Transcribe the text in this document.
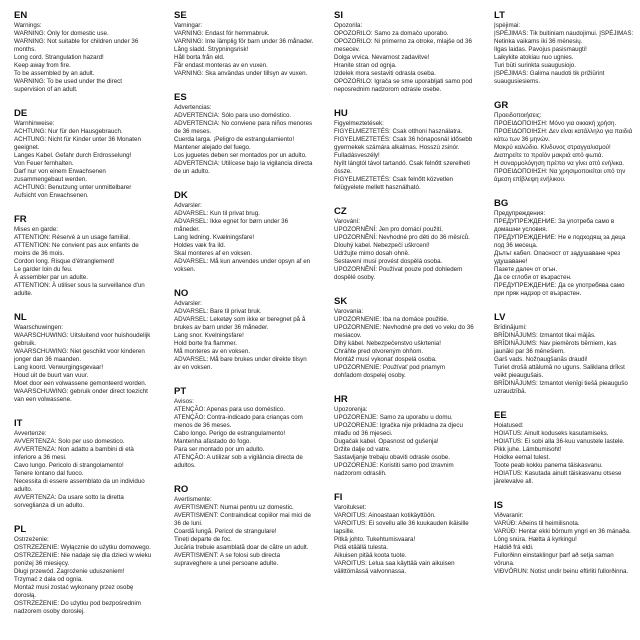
EN
Warnings:
WARNING: Only for domestic use.
WARNING: Not suitable for children under 36 months.
Long cord. Strangulation hazard!
Keep away from fire.
To be assembled by an adult.
WARNING: To be used under the direct supervision of an adult.
DE
Warnhinweise:
ACHTUNG: Nur für den Hausgebrauch.
ACHTUNG: Nicht für Kinder unter 36 Monaten geeignet.
Langes Kabel. Gefahr durch Erdrosselung!
Von Feuer fernhalten.
Darf nur von einem Erwachsenen zusammengebaut werden.
ACHTUNG: Benutzung unter unmittelbarer Aufsicht von Erwachsenen.
FR
Mises en garde:
ATTENTION: Réservé à un usage familial.
ATTENTION: Ne convient pas aux enfants de moins de 36 mois.
Cordon long. Risque d'étranglement!
Le garder loin du feu.
À assembler par un adulte.
ATTENTION: À utiliser sous la surveillance d'un adulte.
NL
Waarschuwingen:
WAARSCHUWING: Uitsluitend voor huishoudelijk gebruik.
WAARSCHUWING: Niet geschikt voor kinderen jonger dan 36 maanden.
Lang koord. Verwurgingsgevaar!
Houd uit de buurt van vuur.
Moet door een volwassene gemonteerd worden.
WAARSCHUWING: gebruik onder direct toezicht van een volwassene.
IT
Avvertenze:
AVVERTENZA: Solo per uso domestico.
AVVERTENZA: Non adatto a bambini di età inferiore a 36 mesi.
Cavo lungo. Pericolo di strangolamento!
Tenere lontano dal fuoco.
Necessita di essere assemblato da un individuo adulto.
AVVERTENZA: Da usare sotto la diretta sorveglianza di un adulto.
PL
Ostrzeżenie:
OSTRZEŻENIE: Wyłącznie do użytku domowego.
OSTRZEŻENIE: Nie nadaje się dla dzieci w wieku poniżej 36 miesięcy.
Długi przewód. Zagrożenie uduszeniem!
Trzymać z dala od ognia.
Montaż musi zostać wykonany przez osobę dorosłą.
OSTRZEŻENIE: Do użytku pod bezpośrednim nadzorem osoby dorosłej.
SE
Varningar:
VARNING: Endast för hemmabruk.
VARNING: Inte lämplig för barn under 36 månader.
Lång sladd. Strypningsrisk!
Håll borta från eld.
Får endast monteras av en vuxen.
VARNING: Ska användas under tillsyn av vuxen.
ES
Advertencias:
ADVERTENCIA: Sólo para uso doméstico.
ADVERTENCIA: No conviene para niños menores de 36 meses.
Cuerda larga. ¡Peligro de estrangulamiento!
Mantener alejado del fuego.
Los juguetes deben ser montados por un adulto.
ADVERTENCIA: Utilícese bajo la vigilancia directa de un adulto.
DK
Advarsler:
ADVARSEL: Kun til privat brug.
ADVARSEL: Ikke egnet for børn under 36 måneder.
Lang ledning. Kvælningsfare!
Holdes væk fra ild.
Skal monteres af en voksen.
ADVARSEL: Må kun anvendes under opsyn af en voksen.
NO
Advarsler:
ADVARSEL: Bare til privat bruk.
ADVARSEL: Leketøy som ikke er beregnet på å brukes av barn under 36 måneder.
Lang snor. Kvelningsfare!
Hold borte fra flammer.
Må monteres av en voksen.
ADVARSEL: Må bare brukes under direkte tilsyn av en voksen.
PT
Avisos:
ATENÇÃO: Apenas para uso doméstico.
ATENÇÃO: Contra-indicado para crianças com menos de 36 meses.
Cabo longo. Perigo de estrangulamento!
Mantenha afastado do fogo.
Para ser montado por um adulto.
ATENÇÃO: A utilizar sob a vigilância directa de adultos.
RO
Avertismente:
AVERTISMENT: Numai pentru uz domestic.
AVERTISMENT: Contraindicat copiilor mai mici de 36 de luni.
Coardă lungă. Pericol de strangulare!
Tineți departe de foc.
Jucăria trebuie asamblată doar de către un adult.
AVERTISMENT: A se folosi sub directa supraveghere a unei persoane adulte.
SI
Opozorila:
OPOZORILO: Samo za domačo uporabo.
OPOZORILO: Ni primerno za otroke, mlajše od 36 mesecev.
Dolga vrvica. Nevarnost zadavitve!
Hranite stran od ognja.
Izdelek mora sestaviti odrasla oseba.
OPOZORILO: Igrača se sme uporabljati samo pod neposrednim nadzorom odrasle osebe.
HU
Figyelmeztetések:
FIGYELMEZTETÉS: Csak otthoni használatra.
FIGYELMEZTETÉS: Csak 36 hónaposnál idősebb gyermekek számára alkalmas. Hosszú zsinór. Fulladásveszély!
Nyílt lángtól távol tartandó. Csak felnőtt szerelheti össze.
FIGYELMEZTETÉS: Csak felnőtt közvetlen felügyelete mellett használható.
CZ
Varování:
UPOZORNĚNÍ: Jen pro domácí použití.
UPOZORNĚNÍ: Nevhodné pro děti do 36 měsíců.
Dlouhý kabel. Nebezpečí uškrcení!
Udržujte mimo dosah ohně.
Sestavení musí provést dospělá osoba.
UPOZORNĚNÍ: Používat pouze pod dohledem dospělé osoby.
SK
Varovania:
UPOZORNENIE: Iba na domáce použitie.
UPOZORNENIE: Nevhodné pre deti vo veku do 36 mesiacov.
Dlhý kábel. Nebezpečenstvo uškrtenia!
Chráňte pred otvoreným ohňom.
Montáž musí vykonať dospelá osoba.
UPOZORNENIE: Používať pod priamym dohľadom dospelej osoby.
HR
Upozorenja:
UPOZORENJE: Samo za uporabu u domu.
UPOZORENJE: Igračka nije prikladna za djecu mlađu od 36 mjeseci.
Dugačak kabel. Opasnost od gušenja!
Držite dalje od vatre.
Sastavljanje trebaju obaviti odrasle osobe.
UPOZORENJE: Koristiti samo pod izravnim nadzorom odraslih.
FI
Varoitukset:
VAROITUS: Ainoastaan kotikäyttöön.
VAROITUS: Ei sovellu alle 36 kuukauden ikäisille lapsille.
Pitkä johto. Tukehtumisvaara!
Pidä etäällä tulesta.
Aikuisen pitää koota tuote.
VAROITUS: Lelua saa käyttää vain aikuisen välittömässä valvonnassa.
LT
Įspėjimai:
ĮSPĖJIMAS: Tik buitiniam naudojimui. ĮSPĖJIMAS: Netinka vaikams iki 36 mėnesių.
Ilgas laidas. Pavojus pasismaugti!
Laikykite atokiau nuo ugnies.
Turi būti surinkta suaugusiojo.
ĮSPĖJIMAS: Galima naudoti tik prižiūrint suaugusiesiems.
GR
Προειδοποιήσεις:
ΠΡΟΕΙΔΟΠΟΙΗΣΗ: Μόνο για οικιακή χρήση.
ΠΡΟΕΙΔΟΠΟΙΗΣΗ: Δεν είναι κατάλληλο για παιδιά κάτω των 36 μηνών.
Μακρύ καλώδιο. Κίνδυνος στραγγαλισμού!
Διατηρείτε το προϊόν μακριά από φωτιά.
Η συναρμολόγηση πρέπει να γίνει από ενήλικα.
ΠΡΟΕΙΔΟΠΟΙΗΣΗ: Να χρησιμοποιείται υπό την άμεση επίβλεψη ενήλικου.
BG
Предупреждения:
ПРЕДУПРЕЖДЕНИЕ: За употреба само в домашни условия.
ПРЕДУПРЕЖДЕНИЕ: Не е подходящ за деца под 36 месеца.
Дълъг кабел. Опасност от задушаване чрез удушаване!
Пазете далеч от огън.
Да се сглоби от възрастен.
ПРЕДУПРЕЖДЕНИЕ: Да се употребява само при пряк надзор от възрастен.
LV
Brīdinājumi:
BRĪDINĀJUMS: Izmantot tikai mājās.
BRĪDINĀJUMS: Nav piemērots bērniem, kas jaunāki par 36 mēnešiem.
Garš vads. Nožņaugšanās draudi!
Turiet drošā attālumā no uguns. Saliklana drīkst veikt pieaugušais.
BRĪDINĀJUMS: Izmantot vienīgi tiešā pieaugušo uzraudzībā.
EE
Hoiatused:
HOIATUS: Ainult koduseks kasutamiseks.
HOIATUS: Ei sobi alla 36-kuu vanustele lastele.
Pikk juhe. Lämbumisoht!
Hoidke eemal tulest.
Toote peab kokku panema täiskasvanu.
HOIATUS: Kasutada ainult täiskasvanu otsese järelevalve all.
IS
Viðvaranir:
VARÚÐ: Aðeins til heimilisnota.
VARÚÐ: Hentar ekki börnum yngri en 36 mánaða.
Löng snúra. Hætta á kyrkingu!
Haldið frá eldi.
Fullorðinn einstaklingur þarf að setja saman vöruna.
VIÐVÖRUN: Notist undir beinu eftirliti fullorðinna.
